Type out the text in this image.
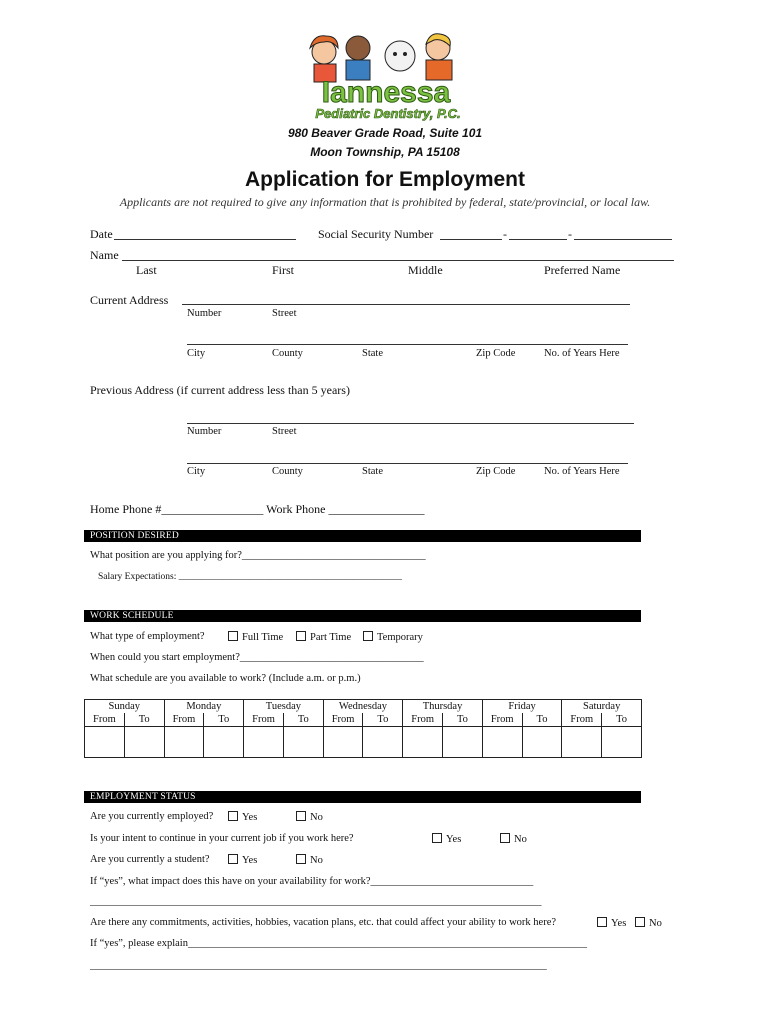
Iannessa
Pediatric Dentistry, P.C.
980 Beaver Grade Road, Suite 101
Moon Township, PA 15108
Application for Employment
Applicants are not required to give any information that is prohibited by federal, state/provincial, or local law.
Date	Social Security Number	-	-
Name
Last	First	Middle	Preferred Name
Current Address
Number	Street
City	County	State	Zip Code	No. of Years Here
Previous Address (if current address less than 5 years)
Number	Street
City	County	State	Zip Code	No. of Years Here
Home Phone #_________________ Work Phone ________________
POSITION DESIRED
What position are you applying for?___________________________________
Salary Expectations: _______________________________________________
WORK SCHEDULE
What type of employment?	Full Time	Part Time	Temporary
When could you start employment?___________________________________
What schedule are you available to work? (Include a.m. or p.m.)
Sunday		Monday		Tuesday		Wednesday		Thursday		Friday		Saturday	
From	To	From	To	From	To	From	To	From	To	From	To	From	To

EMPLOYMENT STATUS
Are you currently employed?	Yes	No
Is your intent to continue in your current job if you work here?	Yes	No
Are you currently a student?	Yes	No
If “yes”, what impact does this have on your availability for work?_______________________________
______________________________________________________________________________________
Are there any commitments, activities, hobbies, vacation plans, etc. that could affect your ability to work here?	Yes	No
If “yes”, please explain____________________________________________________________________________
_______________________________________________________________________________________
